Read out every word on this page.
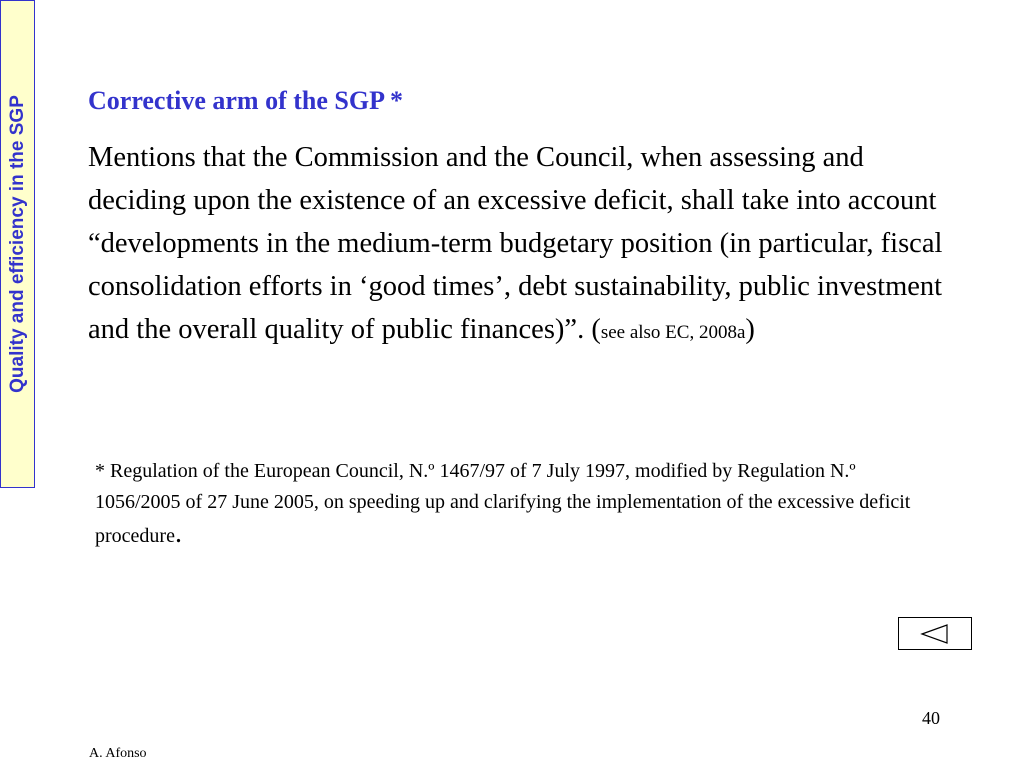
Quality and efficiency in the SGP Corrective arm of the SGP *

Mentions that the Commission and the Council, when assessing and deciding upon the existence of an excessive deficit, shall take into account “developments in the medium-term budgetary position (in particular, fiscal consolidation efforts in ‘good times’, debt sustainability, public investment and the overall quality of public finances)”. (see also EC, 2008a)

* Regulation of the European Council, N.º 1467/97 of 7 July 1997, modified by Regulation N.º 1056/2005 of 27 June 2005, on speeding up and clarifying the implementation of the excessive deficit procedure.

40
A. Afonso
